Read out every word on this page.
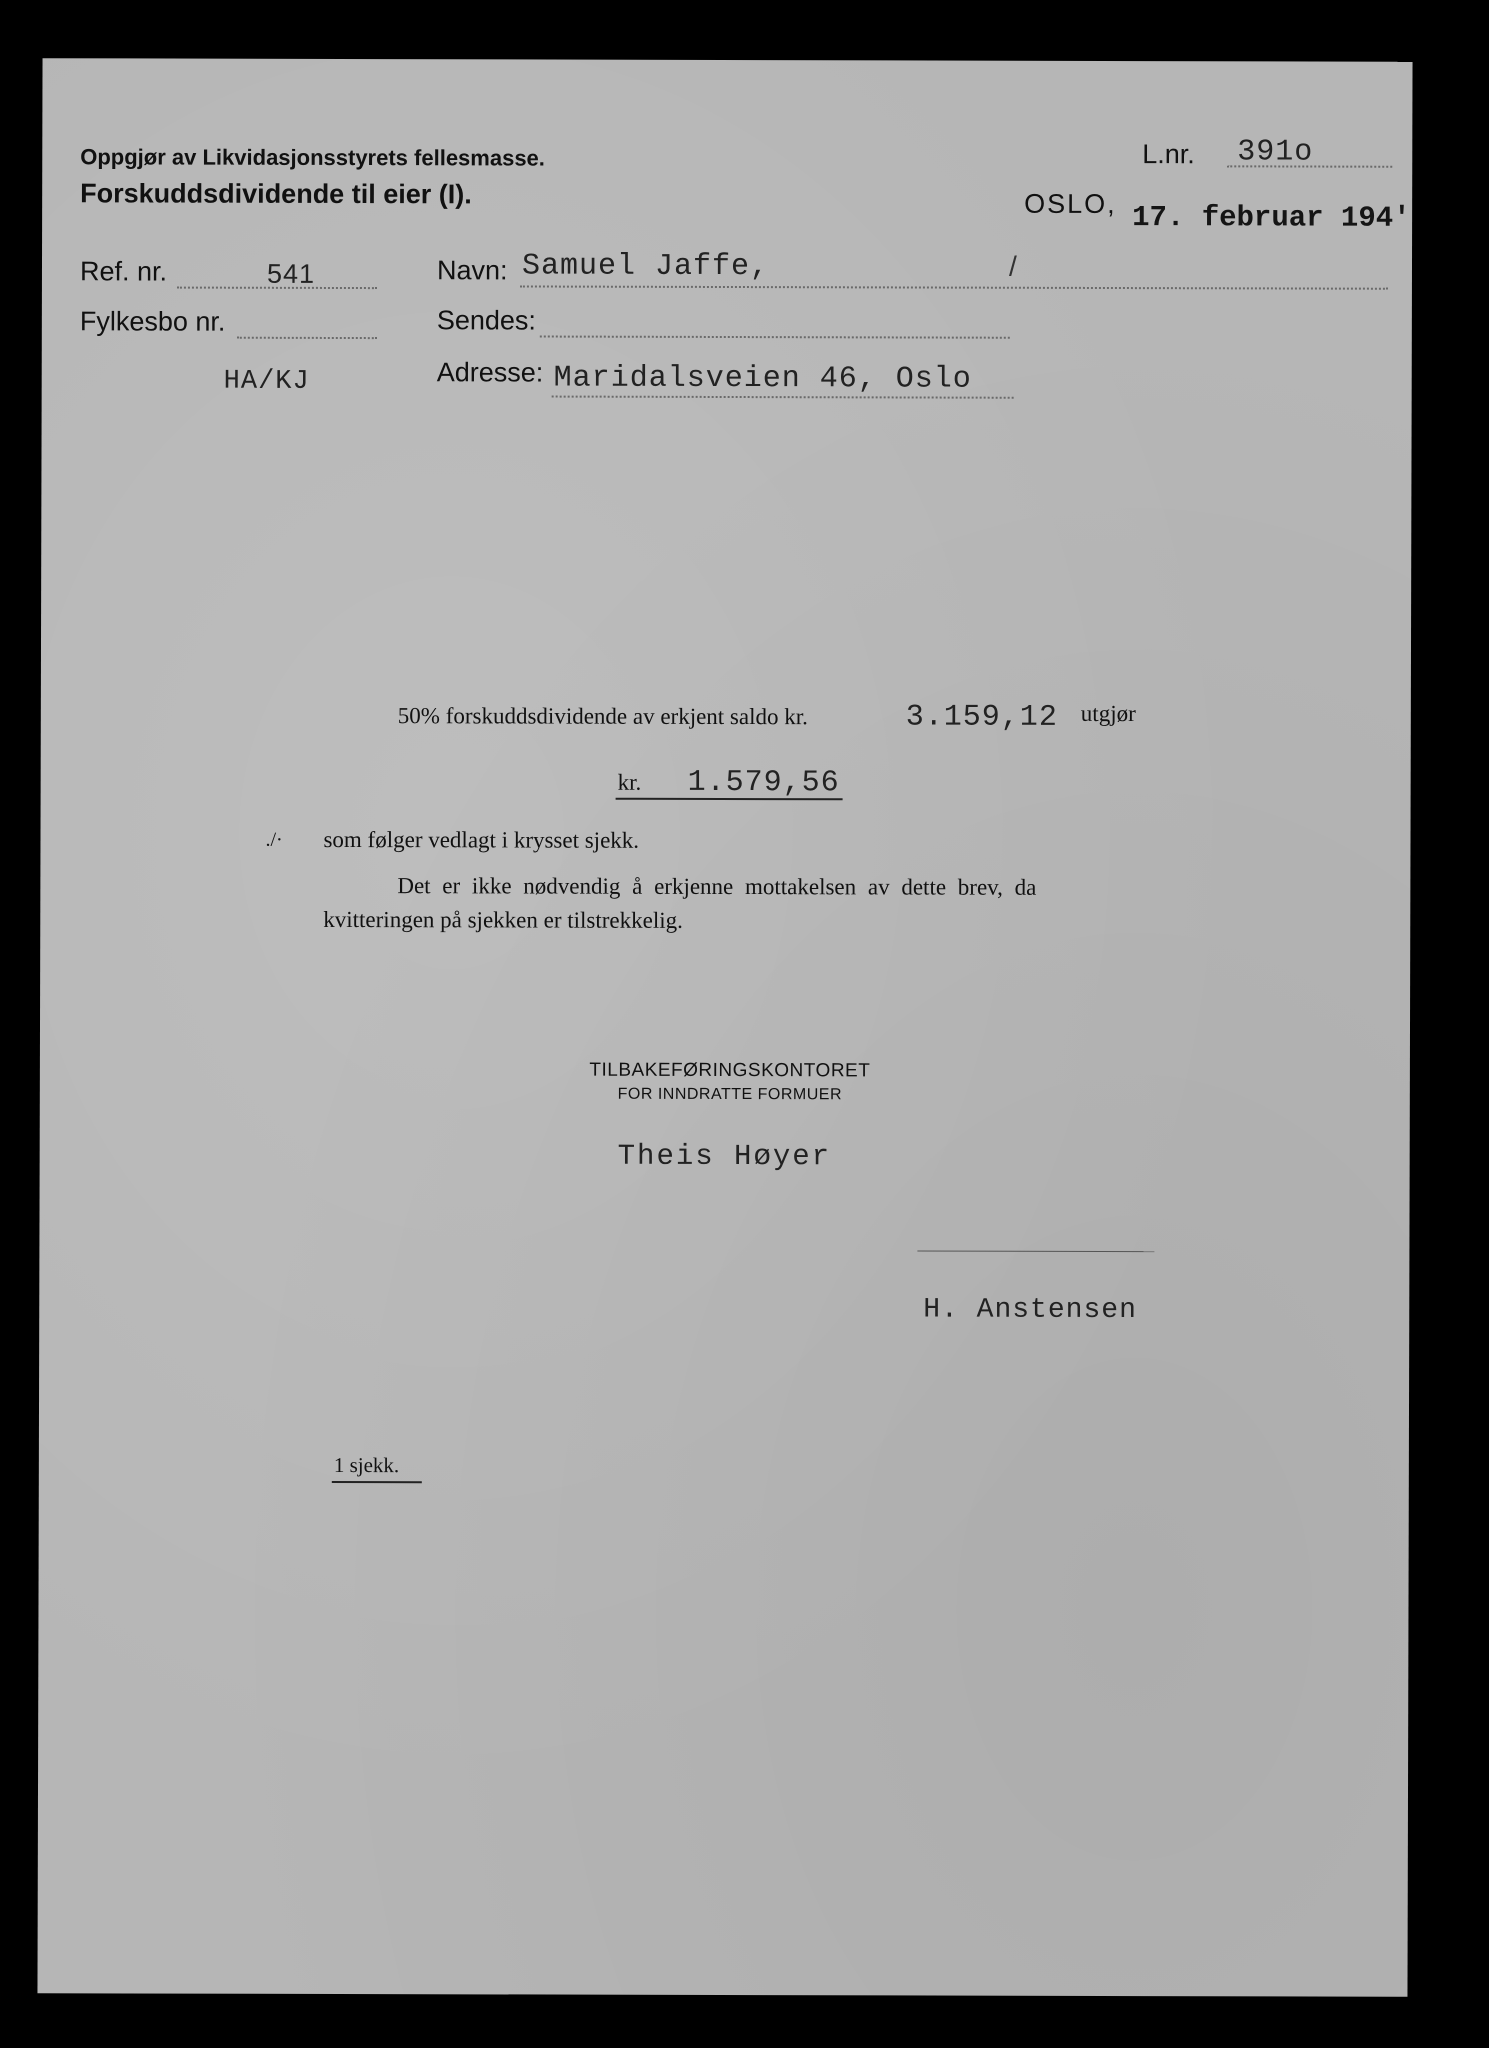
Oppgjør av Likvidasjonsstyrets fellesmasse.
Forskuddsdividende til eier (I).
L.nr. 391o
OSLO, 17. februar 194'
Ref. nr.	541
Fylkesbo nr.
HA/KJ
Navn: Samuel Jaffe,	/
Sendes:
Adresse: Maridalsveien 46, Oslo
50% forskuddsdividende av erkjent saldo kr.	3.159,12 utgjør
kr. 1.579,56
./· som følger vedlagt i krysset sjekk.
Det er ikke nødvendig å erkjenne mottakelsen av dette brev, da
kvitteringen på sjekken er tilstrekkelig.
TILBAKEFØRINGSKONTORET
FOR INNDRATTE FORMUER
Theis Høyer
H. Anstensen
1 sjekk.
